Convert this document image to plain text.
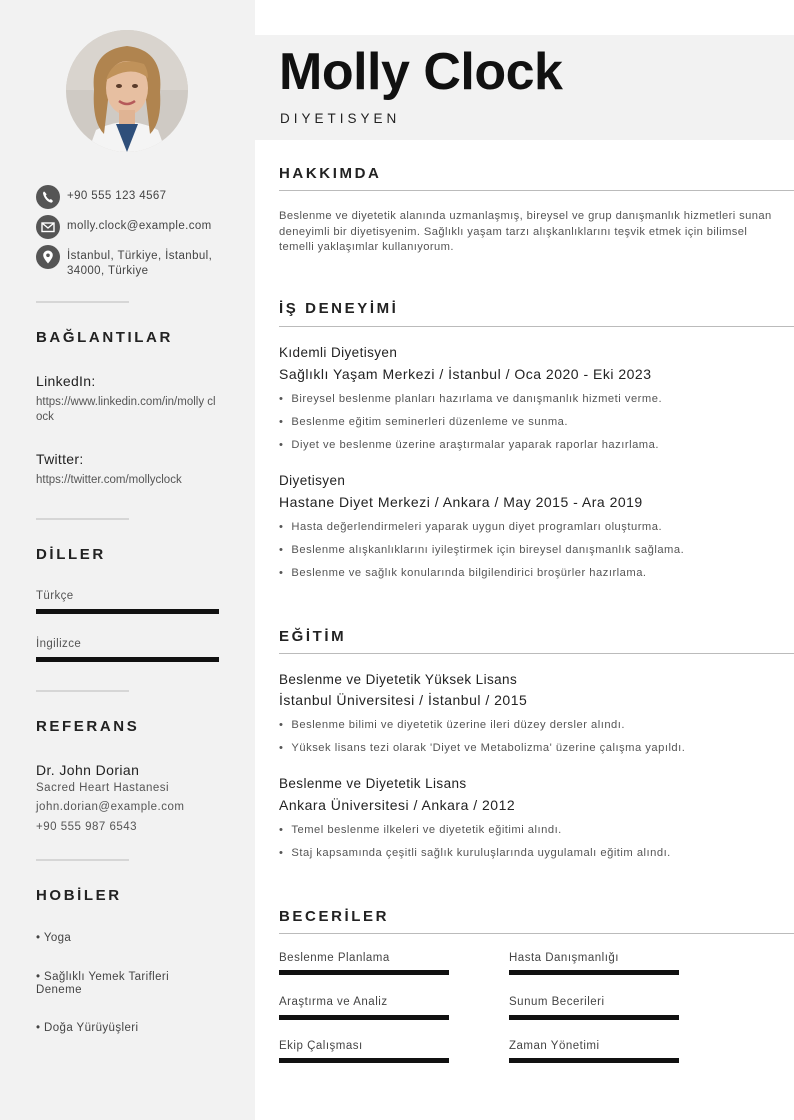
+90 555 123 4567
molly.clock@example.com
İstanbul, Türkiye, İstanbul, 34000, Türkiye
BAĞLANTILAR
LinkedIn:
https://www.linkedin.com/in/molly clock
Twitter:
https://twitter.com/mollyclock
DİLLER
Türkçe
İngilizce
REFERANS
Dr. John Dorian
Sacred Heart Hastanesi
john.dorian@example.com
+90 555 987 6543
HOBİLER
• Yoga
• Sağlıklı Yemek Tarifleri Deneme
• Doğa Yürüyüşleri
Molly Clock
DIYETISYEN
HAKKIMDA
Beslenme ve diyetetik alanında uzmanlaşmış, bireysel ve grup danışmanlık hizmetleri sunan deneyimli bir diyetisyenim. Sağlıklı yaşam tarzı alışkanlıklarını teşvik etmek için bilimsel temelli yaklaşımlar kullanıyorum.
İŞ DENEYİMİ
Kıdemli Diyetisyen
Sağlıklı Yaşam Merkezi / İstanbul / Oca 2020 - Eki 2023
• Bireysel beslenme planları hazırlama ve danışmanlık hizmeti verme.
• Beslenme eğitim seminerleri düzenleme ve sunma.
• Diyet ve beslenme üzerine araştırmalar yaparak raporlar hazırlama.
Diyetisyen
Hastane Diyet Merkezi / Ankara / May 2015 - Ara 2019
• Hasta değerlendirmeleri yaparak uygun diyet programları oluşturma.
• Beslenme alışkanlıklarını iyileştirmek için bireysel danışmanlık sağlama.
• Beslenme ve sağlık konularında bilgilendirici broşürler hazırlama.
EĞİTİM
Beslenme ve Diyetetik Yüksek Lisans
İstanbul Üniversitesi / İstanbul / 2015
• Beslenme bilimi ve diyetetik üzerine ileri düzey dersler alındı.
• Yüksek lisans tezi olarak 'Diyet ve Metabolizma' üzerine çalışma yapıldı.
Beslenme ve Diyetetik Lisans
Ankara Üniversitesi / Ankara / 2012
• Temel beslenme ilkeleri ve diyetetik eğitimi alındı.
• Staj kapsamında çeşitli sağlık kuruluşlarında uygulamalı eğitim alındı.
BECERİLER
Beslenme Planlama	Hasta Danışmanlığı
Araştırma ve Analiz	Sunum Becerileri
Ekip Çalışması	Zaman Yönetimi
